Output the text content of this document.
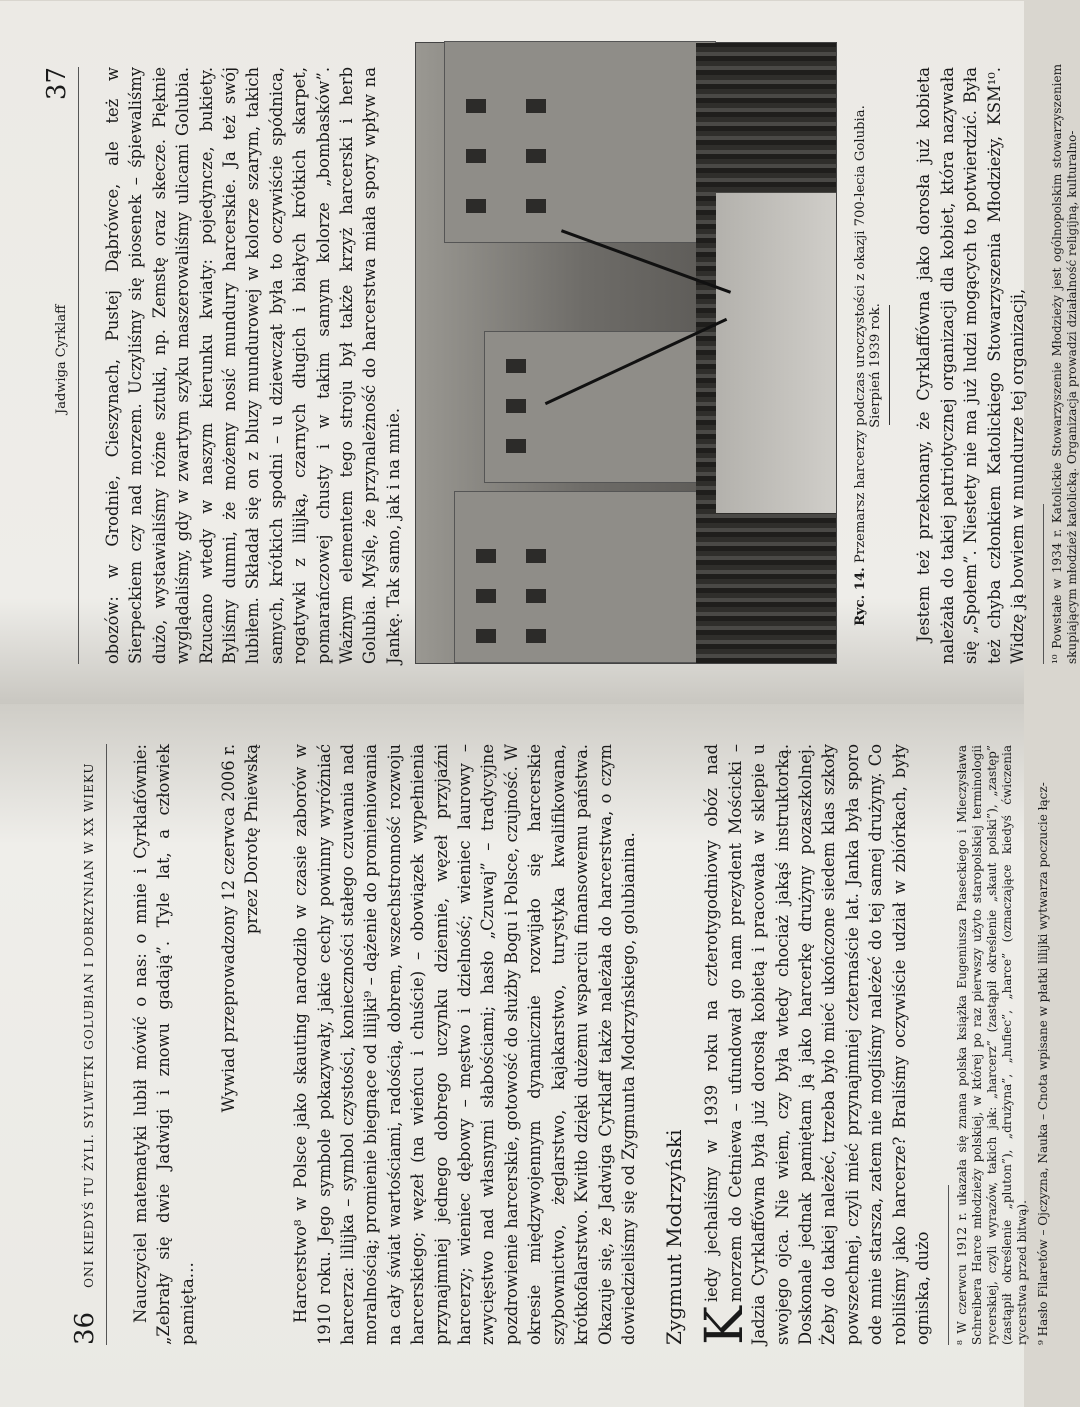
36
ONI KIEDYŚ TU ŻYLI. SYLWETKI GOLUBIAN I DOBRZYNIAN W XX WIEKU Nauczyciel matematyki lubił mówić o nas: o mnie i Cyrklafównie: „Zebrały się dwie Jadwigi i znowu gadają”. Tyle lat, a człowiek pamięta…

Wywiad przeprowadzony 12 czerwca 2006 r. przez Dorotę Pniewską Harcerstwo⁸ w Polsce jako skauting narodziło w czasie zaborów w 1910 roku. Jego symbole pokazywały, jakie cechy powinny wyróżniać harcerza: lilijka – symbol czystości, konieczności stałego czuwania nad moralnością; promienie biegnące od lilijki⁹ – dążenie do promieniowania na cały świat wartościami, radością, dobrem, wszechstronność rozwoju harcerskiego; węzeł (na wieńcu i chuście) – obowiązek wypełnienia przynajmniej jednego dobrego uczynku dziennie, węzeł przyjaźni harcerzy; wieniec dębowy – męstwo i dzielność; wieniec laurowy – zwycięstwo nad własnymi słabościami; hasło „Czuwaj” – tradycyjne pozdrowienie harcerskie, gotowość do służby Bogu i Polsce, czujność. W okresie międzywojennym dynamicznie rozwijało się harcerskie szybownictwo, żeglarstwo, kajakarstwo, turystyka kwalifikowana, krótkofalarstwo. Kwitło dzięki dużemu wsparciu finansowemu państwa. Okazuje się, że Jadwiga Cyrklaff także należała do harcerstwa, o czym dowiedzieliśmy się od Zygmunta Modrzyńskiego, golubianina. Zygmunt Modrzyński Kiedy jechaliśmy w 1939 roku na czterotygodniowy obóz nad morzem do Cetniewa – ufundował go nam prezydent Mościcki – Jadzia Cyrklaffówna była już dorosłą kobietą i pracowała w sklepie u swojego ojca. Nie wiem, czy była wtedy chociaż jakąś instruktorką. Doskonale jednak pamiętam ją jako harcerkę drużyny pozaszkolnej. Żeby do takiej należeć, trzeba było mieć ukończone siedem klas szkoły powszechnej, czyli mieć przynajmniej czternaście lat. Janka była sporo ode mnie starsza, zatem nie mogliśmy należeć do tej samej drużyny. Co robiliśmy jako harcerze? Braliśmy oczywiście udział w zbiórkach, były ogniska, dużo ⁸ W czerwcu 1912 r. ukazała się znana polska książka Eugeniusza Piaseckiego i Mieczysława Schreibera Harce młodzieży polskiej, w której po raz pierwszy użyto staropolskiej terminologii rycerskiej, czyli wyrazów, takich jak: „harcerz” (zastąpił określenie „skaut polski”), „zastęp” (zastąpił określenie „pluton”), „drużyna”, „hufiec”, „harce” (oznaczające kiedyś ćwiczenia rycerstwa przed bitwą). ⁹ Hasło Filaretów – Ojczyzna, Nauka – Cnota wpisane w płatki lilijki wytwarza poczucie łącz-

Jadwiga Cyrklaff
37 obozów: w Grodnie, Cieszynach, Pustej Dąbrówce, ale też w Sierpeckiem czy nad morzem. Uczyliśmy się piosenek – śpiewaliśmy dużo, wystawialiśmy różne sztuki, np. Zemstę oraz skecze. Pięknie wyglądaliśmy, gdy w zwartym szyku maszerowaliśmy ulicami Golubia. Rzucano wtedy w naszym kierunku kwiaty: pojedyncze, bukiety. Byliśmy dumni, że możemy nosić mundury harcerskie. Ja też swój lubiłem. Składał się on z bluzy mundurowej w kolorze szarym, takich samych, krótkich spodni – u dziewcząt była to oczywiście spódnica, rogatywki z lilijką, czarnych długich i białych krótkich skarpet, pomarańczowej chusty i w takim samym kolorze „bombasków”. Ważnym elementem tego stroju był także krzyż harcerski i herb Golubia. Myślę, że przynależność do harcerstwa miała spory wpływ na Jankę. Tak samo, jak i na mnie.	Ryc. 14. Przemarsz harcerzy podczas uroczystości z okazji 700-lecia Golubia. Sierpień 1939 rok. Jestem też przekonany, że Cyrklaffówna jako dorosła już kobieta należała do takiej patriotycznej organizacji dla kobiet, która nazywała się „Społem”. Niestety nie ma już ludzi mogących to potwierdzić. Była też chyba członkiem Katolickiego Stowarzyszenia Młodzieży, KSM¹⁰. Widzę ją bowiem w mundurze tej organizacji, ¹⁰ Powstałe w 1934 r. Katolickie Stowarzyszenie Młodzieży jest ogólnopolskim stowarzyszeniem skupiającym młodzież katolicką. Organizacja prowadzi działalność religijną, kulturalno-
